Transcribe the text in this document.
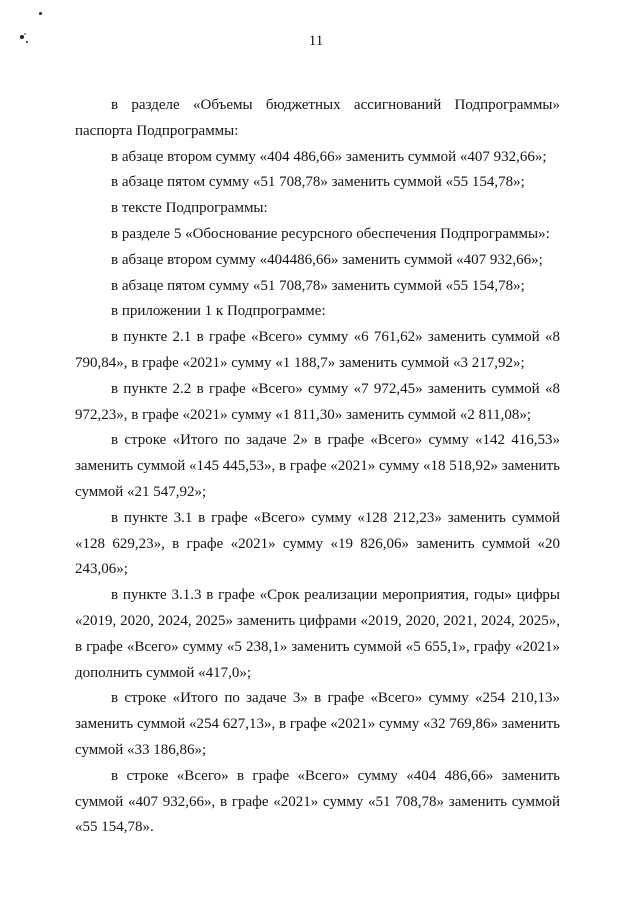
11

в разделе «Объемы бюджетных ассигнований Подпрограммы» паспорта Подпрограммы:

в абзаце втором сумму «404 486,66» заменить суммой «407 932,66»;

в абзаце пятом сумму «51 708,78» заменить суммой «55 154,78»;

в тексте Подпрограммы:

в разделе 5 «Обоснование ресурсного обеспечения Подпрограммы»:

в абзаце втором сумму «404486,66» заменить суммой «407 932,66»;

в абзаце пятом сумму «51 708,78» заменить суммой «55 154,78»;

в приложении 1 к Подпрограмме:

в пункте 2.1 в графе «Всего» сумму «6 761,62» заменить суммой «8 790,84», в графе «2021» сумму «1 188,7» заменить суммой «3 217,92»;

в пункте 2.2 в графе «Всего» сумму «7 972,45» заменить суммой «8 972,23», в графе «2021» сумму «1 811,30» заменить суммой «2 811,08»;

в строке «Итого по задаче 2» в графе «Всего» сумму «142 416,53» заменить суммой «145 445,53», в графе «2021» сумму «18 518,92» заменить суммой «21 547,92»;

в пункте 3.1 в графе «Всего» сумму «128 212,23» заменить суммой «128 629,23», в графе «2021» сумму «19 826,06» заменить суммой «20 243,06»;

в пункте 3.1.3 в графе «Срок реализации мероприятия, годы» цифры «2019, 2020, 2024, 2025» заменить цифрами «2019, 2020, 2021, 2024, 2025», в графе «Всего» сумму «5 238,1» заменить суммой «5 655,1», графу «2021» дополнить суммой «417,0»;

в строке «Итого по задаче 3» в графе «Всего» сумму «254 210,13» заменить суммой «254 627,13», в графе «2021» сумму «32 769,86» заменить суммой «33 186,86»;

в строке «Всего» в графе «Всего» сумму «404 486,66» заменить суммой «407 932,66», в графе «2021» сумму «51 708,78» заменить суммой «55 154,78».
